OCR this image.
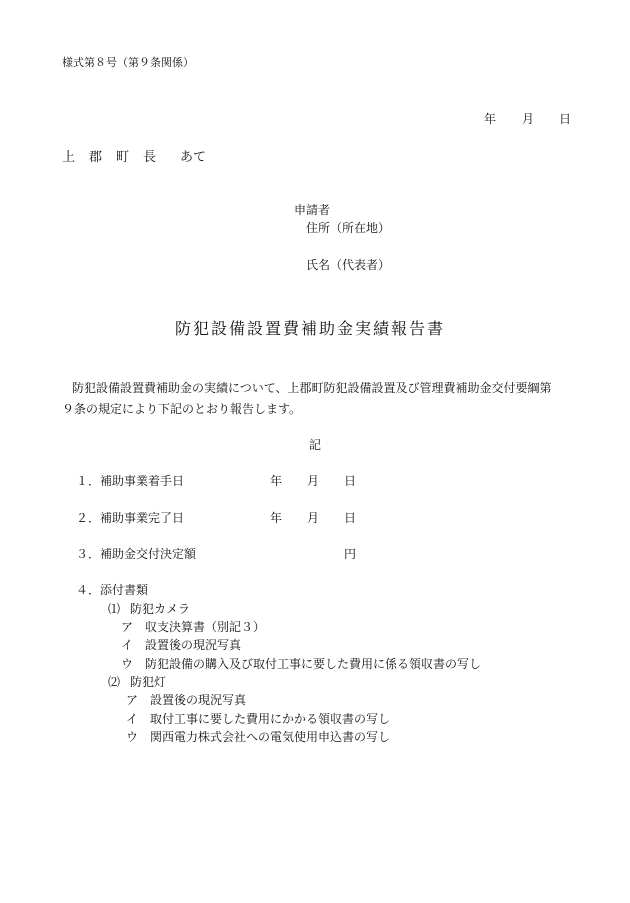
様式第８号（第９条関係）

年 月 日
上 郡 町 長 あて
申請者
住所（所在地）
氏名（代表者）
防犯設備設置費補助金実績報告書

防犯設備設置費補助金の実績について、上郡町防犯設備設置及び管理費補助金交付要綱第

９条の規定により下記のとおり報告します。

記
１．補助事業着手日	年 月 日
２．補助事業完了日	年 月 日
３．補助金交付決定額	円
４．添付書類
⑴ 防犯カメラ
ア 収支決算書（別記３）
イ 設置後の現況写真
ウ 防犯設備の購入及び取付工事に要した費用に係る領収書の写し
⑵ 防犯灯
ア 設置後の現況写真
イ 取付工事に要した費用にかかる領収書の写し
ウ 関西電力株式会社への電気使用申込書の写し
